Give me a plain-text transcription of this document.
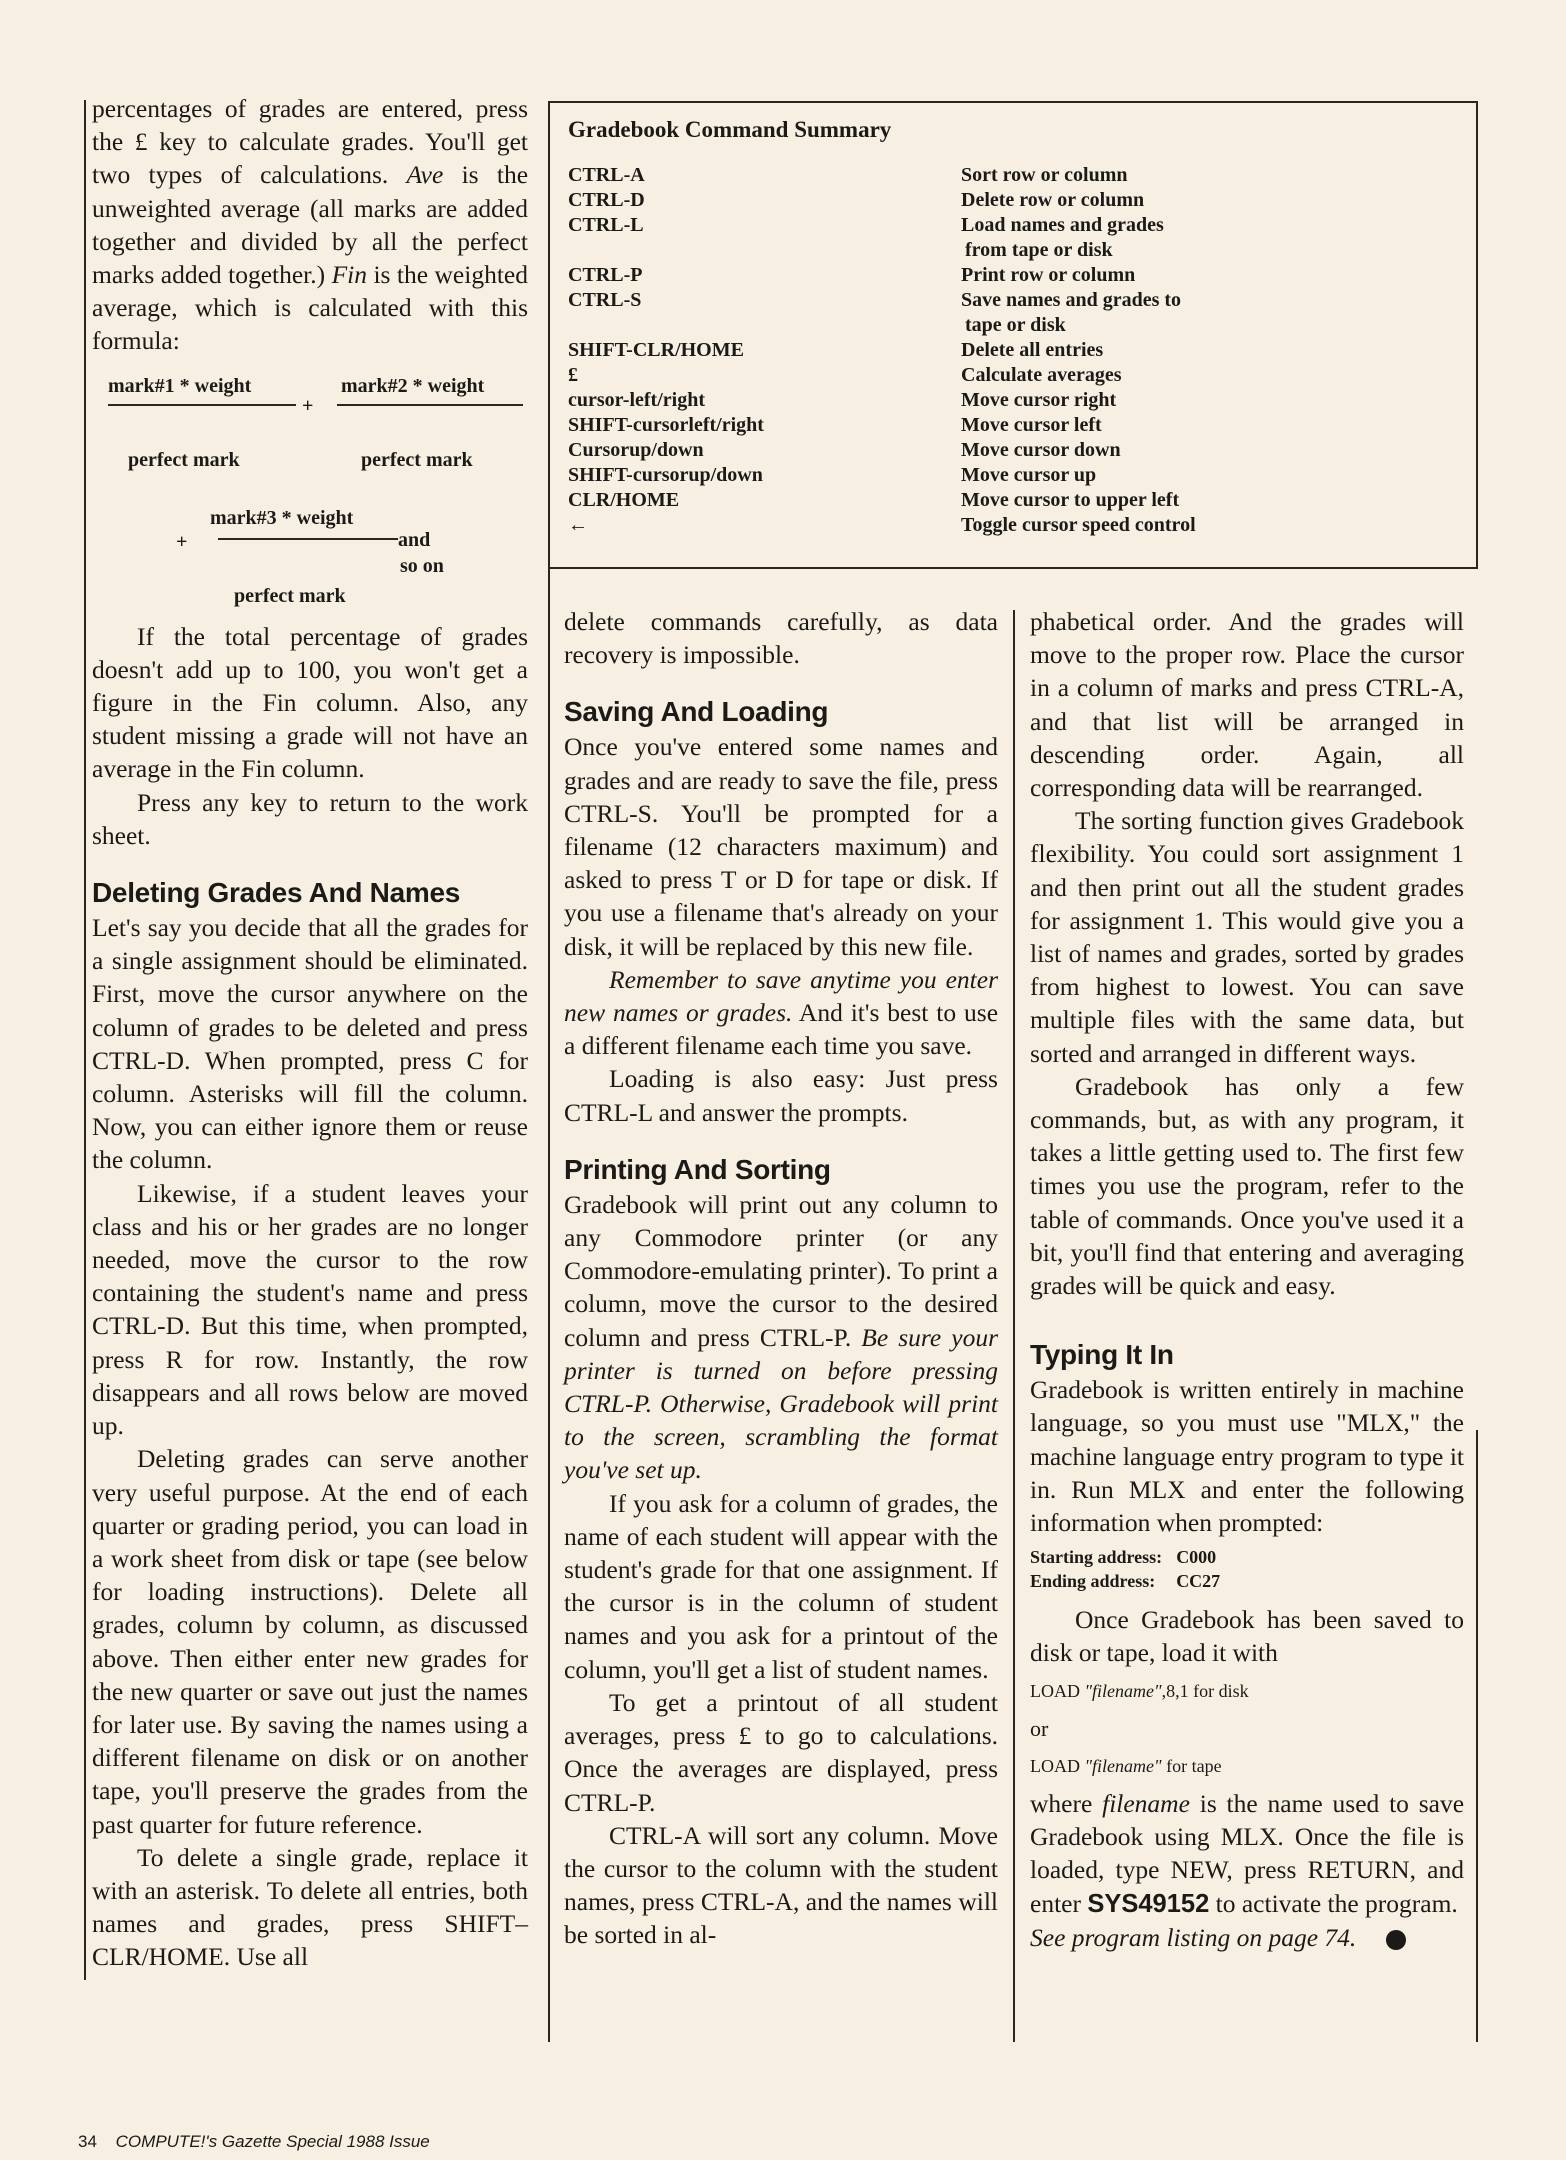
percentages of grades are entered, press the £ key to calculate grades. You'll get two types of calculations. Ave is the unweighted average (all marks are added together and divided by all the perfect marks added together.) Fin is the weighted average, which is calculated with this formula:

mark#1 * weight	mark#2 * weight
+
perfect mark	perfect mark
mark#3 * weight
+	and
so on
perfect mark

If the total percentage of grades doesn't add up to 100, you won't get a figure in the Fin column. Also, any student missing a grade will not have an average in the Fin column.

Press any key to return to the work sheet.

Deleting Grades And Names

Let's say you decide that all the grades for a single assignment should be eliminated. First, move the cursor anywhere on the column of grades to be deleted and press CTRL-D. When prompted, press C for column. Asterisks will fill the column. Now, you can either ignore them or reuse the column.

Likewise, if a student leaves your class and his or her grades are no longer needed, move the cursor to the row containing the student's name and press CTRL-D. But this time, when prompted, press R for row. Instantly, the row disappears and all rows below are moved up.

Deleting grades can serve another very useful purpose. At the end of each quarter or grading period, you can load in a work sheet from disk or tape (see below for loading instructions). Delete all grades, column by column, as discussed above. Then either enter new grades for the new quarter or save out just the names for later use. By saving the names using a different filename on disk or on another tape, you'll preserve the grades from the past quarter for future reference.

To delete a single grade, replace it with an asterisk. To delete all entries, both names and grades, press SHIFT–CLR/HOME. Use all

Gradebook Command Summary
CTRL-A	Sort row or column
CTRL-D	Delete row or column
CTRL-L	Load names and grades
from tape or disk
CTRL-P	Print row or column
CTRL-S	Save names and grades to
tape or disk
SHIFT-CLR/HOME	Delete all entries
£	Calculate averages
cursor-left/right	Move cursor right
SHIFT-cursorleft/right	Move cursor left
Cursorup/down	Move cursor down
SHIFT-cursorup/down	Move cursor up
CLR/HOME	Move cursor to upper left
←	Toggle cursor speed control

delete commands carefully, as data recovery is impossible.

Saving And Loading

Once you've entered some names and grades and are ready to save the file, press CTRL-S. You'll be prompted for a filename (12 characters maximum) and asked to press T or D for tape or disk. If you use a filename that's already on your disk, it will be replaced by this new file.

Remember to save anytime you enter new names or grades. And it's best to use a different filename each time you save.

Loading is also easy: Just press CTRL-L and answer the prompts.

Printing And Sorting

Gradebook will print out any column to any Commodore printer (or any Commodore-emulating printer). To print a column, move the cursor to the desired column and press CTRL-P. Be sure your printer is turned on before pressing CTRL-P. Otherwise, Gradebook will print to the screen, scrambling the format you've set up.

If you ask for a column of grades, the name of each student will appear with the student's grade for that one assignment. If the cursor is in the column of student names and you ask for a printout of the column, you'll get a list of student names.

To get a printout of all student averages, press £ to go to calculations. Once the averages are displayed, press CTRL-P.

CTRL-A will sort any column. Move the cursor to the column with the student names, press CTRL-A, and the names will be sorted in al-

phabetical order. And the grades will move to the proper row. Place the cursor in a column of marks and press CTRL-A, and that list will be arranged in descending order. Again, all corresponding data will be rearranged.

The sorting function gives Gradebook flexibility. You could sort assignment 1 and then print out all the student grades for assignment 1. This would give you a list of names and grades, sorted by grades from highest to lowest. You can save multiple files with the same data, but sorted and arranged in different ways.

Gradebook has only a few commands, but, as with any program, it takes a little getting used to. The first few times you use the program, refer to the table of commands. Once you've used it a bit, you'll find that entering and averaging grades will be quick and easy.

Typing It In

Gradebook is written entirely in machine language, so you must use "MLX," the machine language entry program to type it in. Run MLX and enter the following information when prompted:

Starting address:	C000
Ending address:	CC27

Once Gradebook has been saved to disk or tape, load it with

LOAD "filename",8,1 for disk

or

LOAD "filename" for tape

where filename is the name used to save Gradebook using MLX. Once the file is loaded, type NEW, press RETURN, and enter SYS49152 to activate the program.

See program listing on page 74.

34 COMPUTE!'s Gazette Special 1988 Issue
